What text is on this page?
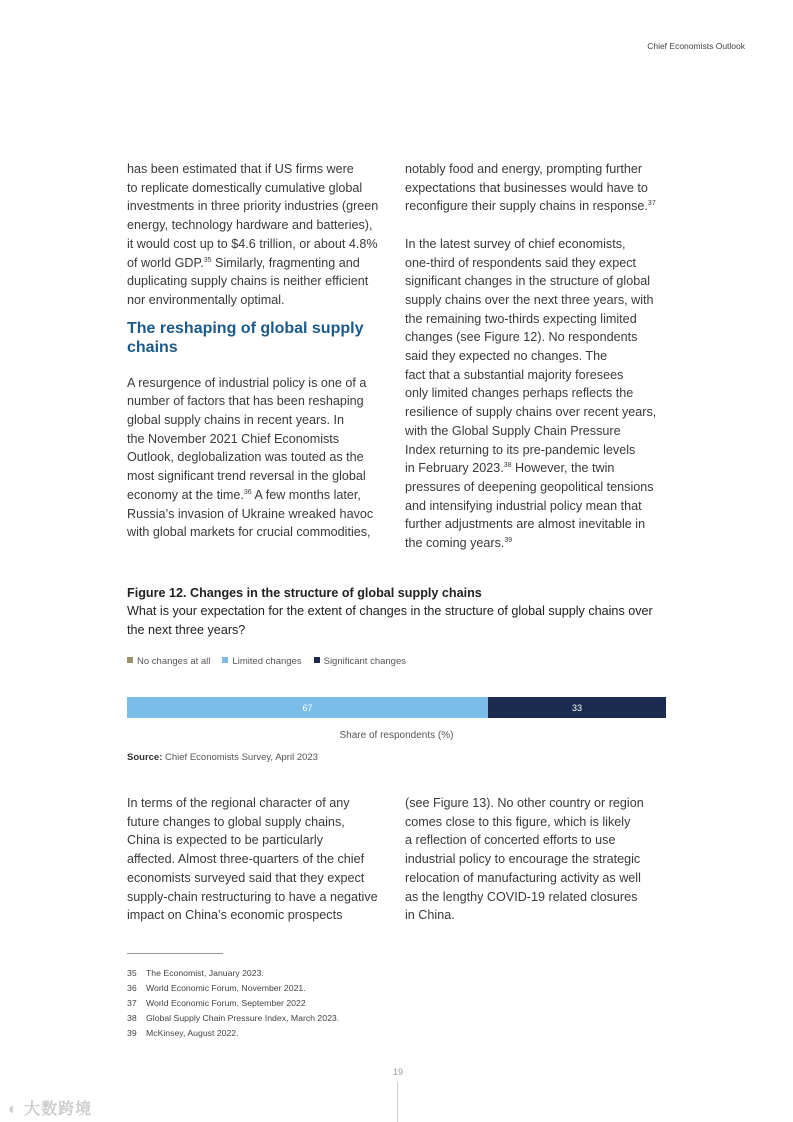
Chief Economists Outlook
has been estimated that if US firms were
to replicate domestically cumulative global
investments in three priority industries (green
energy, technology hardware and batteries),
it would cost up to $4.6 trillion, or about 4.8%
of world GDP.$^{35}$ Similarly, fragmenting and
duplicating supply chains is neither efficient
nor environmentally optimal.
The reshaping of global supply chains
A resurgence of industrial policy is one of a
number of factors that has been reshaping
global supply chains in recent years. In
the November 2021 Chief Economists
Outlook, deglobalization was touted as the
most significant trend reversal in the global
economy at the time.$^{36}$ A few months later,
Russia’s invasion of Ukraine wreaked havoc
with global markets for crucial commodities,
notably food and energy, prompting further
expectations that businesses would have to
reconfigure their supply chains in response.$^{37}$
In the latest survey of chief economists,
one-third of respondents said they expect
significant changes in the structure of global
supply chains over the next three years, with
the remaining two-thirds expecting limited
changes (see Figure 12). No respondents
said they expected no changes. The
fact that a substantial majority foresees
only limited changes perhaps reflects the
resilience of supply chains over recent years,
with the Global Supply Chain Pressure
Index returning to its pre-pandemic levels
in February 2023.38 However, the twin
pressures of deepening geopolitical tensions
and intensifying industrial policy mean that
further adjustments are almost inevitable in
the coming years.$^{39}$
Figure 12. Changes in the structure of global supply chains
What is your expectation for the extent of changes in the structure of global supply chains over the next three years?
No changes at all	Limited changes	Significant changes
67	33
Share of respondents (%)
Source: Chief Economists Survey, April 2023
In terms of the regional character of any
future changes to global supply chains,
China is expected to be particularly
affected. Almost three-quarters of the chief
economists surveyed said that they expect
supply-chain restructuring to have a negative
impact on China’s economic prospects
(see Figure 13). No other country or region
comes close to this figure, which is likely
a reflection of concerted efforts to use
industrial policy to encourage the strategic
relocation of manufacturing activity as well
as the lengthy COVID-19 related closures
in China.
35 The Economist, January 2023.
36 World Economic Forum, November 2021.
37 World Economic Forum, September 2022
38 Global Supply Chain Pressure Index, March 2023.
39 McKinsey, August 2022.
19
◐ 大数跨境
